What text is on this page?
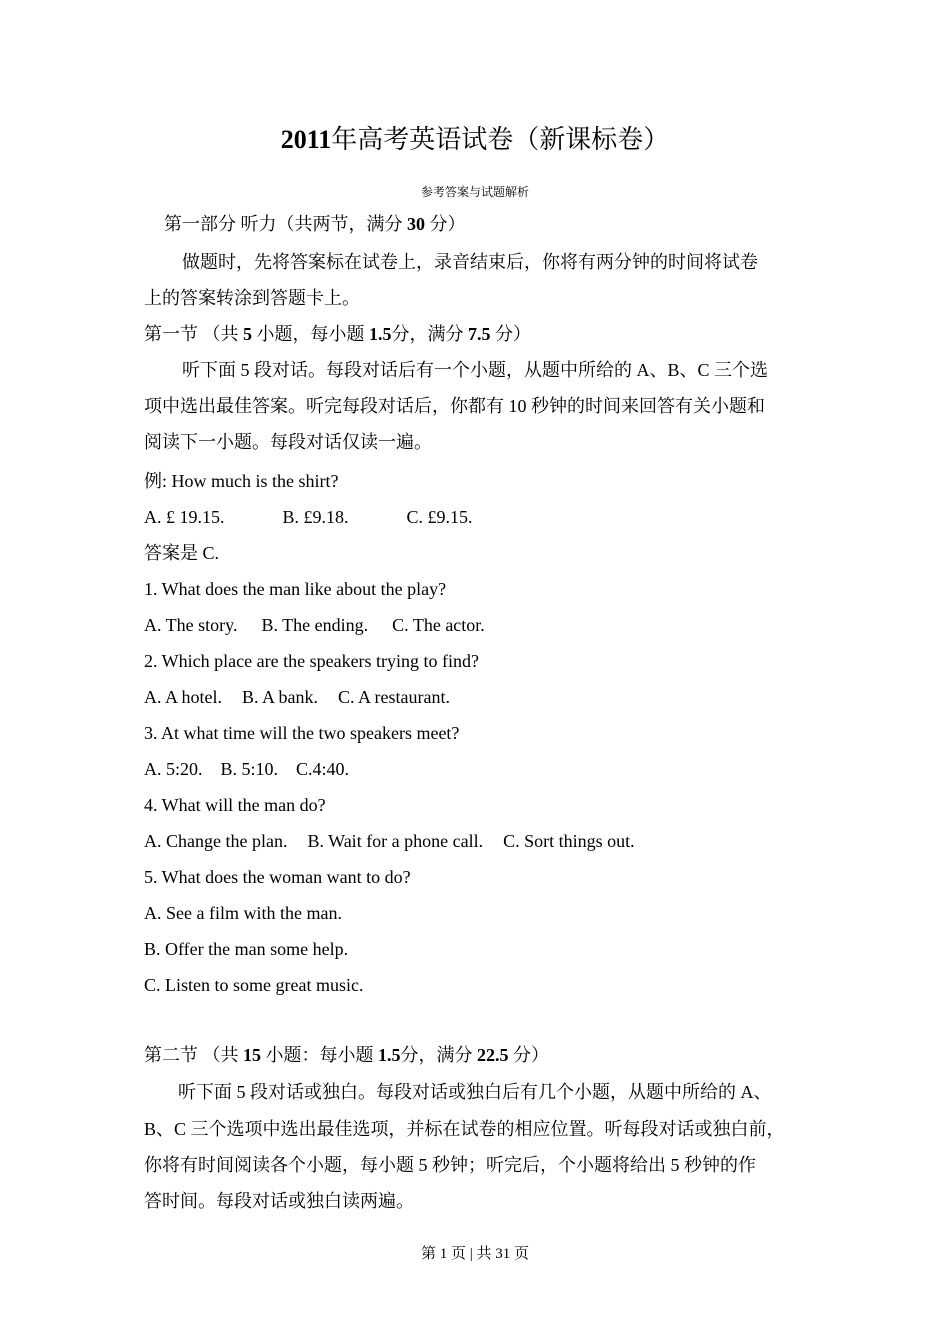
2011年高考英语试卷（新课标卷）
参考答案与试题解析
第一部分 听力（共两节，满分 30 分）
做题时，先将答案标在试卷上，录音结束后，你将有两分钟的时间将试卷
上的答案转涂到答题卡上。
第一节 （共 5 小题，每小题 1.5分，满分 7.5 分）
听下面 5 段对话。每段对话后有一个小题，从题中所给的 A、B、C 三个选
项中选出最佳答案。听完每段对话后，你都有 10 秒钟的时间来回答有关小题和
阅读下一小题。每段对话仅读一遍。
例: How much is the shirt?
A. £ 19.15.	B. £9.18.	C. £9.15.
答案是 C.
1. What does the man like about the play?
A. The story. B. The ending. C. The actor.
2. Which place are the speakers trying to find?
A. A hotel. B. A bank. C. A restaurant.
3. At what time will the two speakers meet?
A. 5:20. B. 5:10. C.4:40.
4. What will the man do?
A. Change the plan. B. Wait for a phone call. C. Sort things out.
5. What does the woman want to do?
A. See a film with the man.
B. Offer the man some help.
C. Listen to some great music.
第二节 （共 15 小题：每小题 1.5分，满分 22.5 分）
听下面 5 段对话或独白。每段对话或独白后有几个小题，从题中所给的 A、
B、C 三个选项中选出最佳选项，并标在试卷的相应位置。听每段对话或独白前，
你将有时间阅读各个小题，每小题 5 秒钟；听完后，个小题将给出 5 秒钟的作
答时间。每段对话或独白读两遍。
第 1 页 | 共 31 页
